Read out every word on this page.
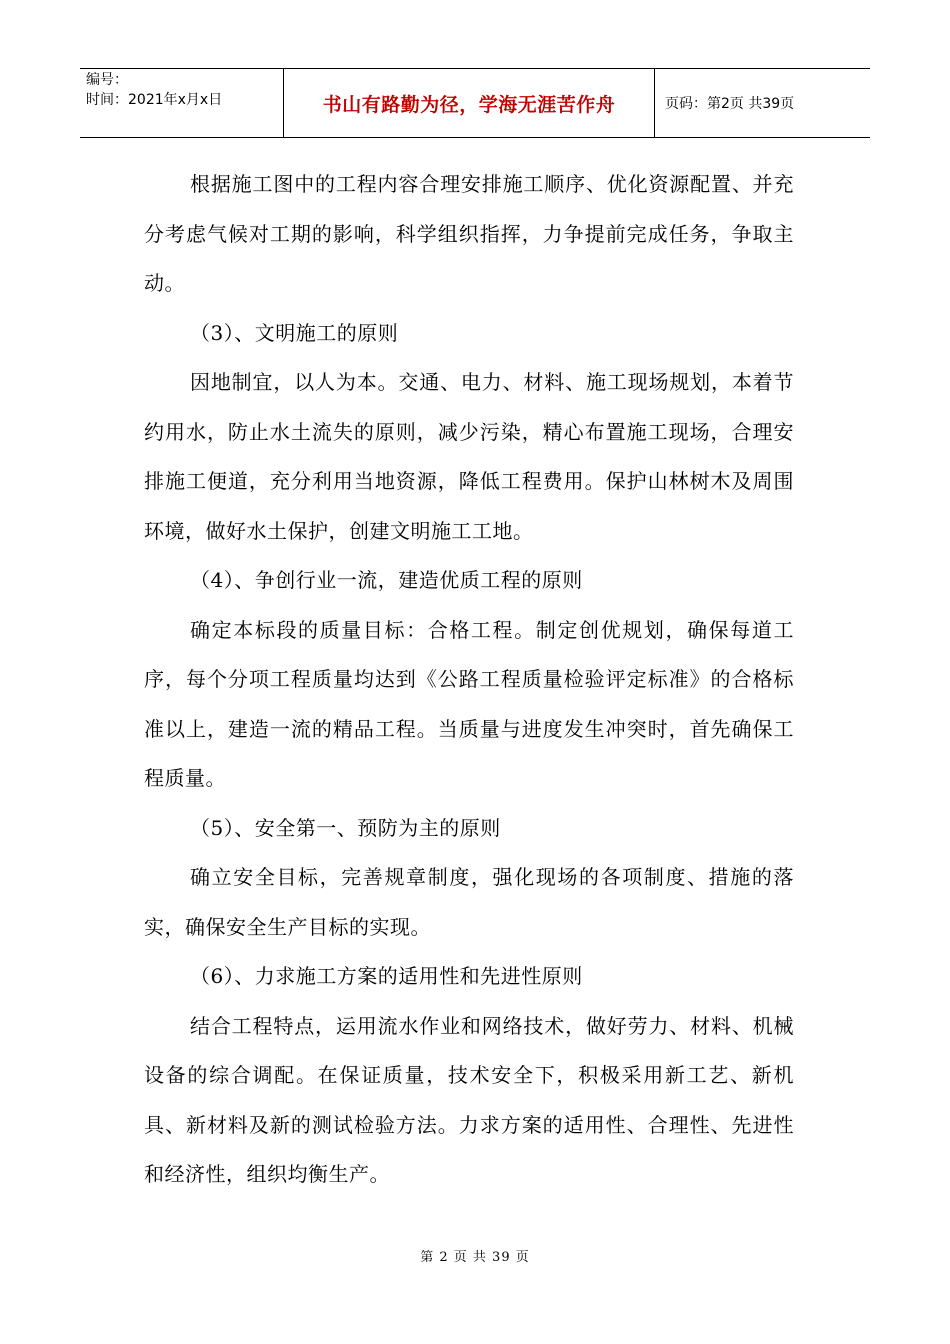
编号：
时间：2021年x月x日	书山有路勤为径，学海无涯苦作舟	页码：第2页 共39页

根据施工图中的工程内容合理安排施工顺序、优化资源配置、并充分考虑气候对工期的影响，科学组织指挥，力争提前完成任务，争取主动。

（3）、文明施工的原则

因地制宜，以人为本。交通、电力、材料、施工现场规划，本着节约用水，防止水土流失的原则，减少污染，精心布置施工现场，合理安排施工便道，充分利用当地资源，降低工程费用。保护山林树木及周围环境，做好水土保护，创建文明施工工地。

（4）、争创行业一流，建造优质工程的原则

确定本标段的质量目标：合格工程。制定创优规划，确保每道工序，每个分项工程质量均达到《公路工程质量检验评定标准》的合格标准以上，建造一流的精品工程。当质量与进度发生冲突时，首先确保工程质量。

（5）、安全第一、预防为主的原则

确立安全目标，完善规章制度，强化现场的各项制度、措施的落实，确保安全生产目标的实现。

（6）、力求施工方案的适用性和先进性原则

结合工程特点，运用流水作业和网络技术，做好劳力、材料、机械设备的综合调配。在保证质量，技术安全下，积极采用新工艺、新机具、新材料及新的测试检验方法。力求方案的适用性、合理性、先进性和经济性，组织均衡生产。

第 2 页 共 39 页
